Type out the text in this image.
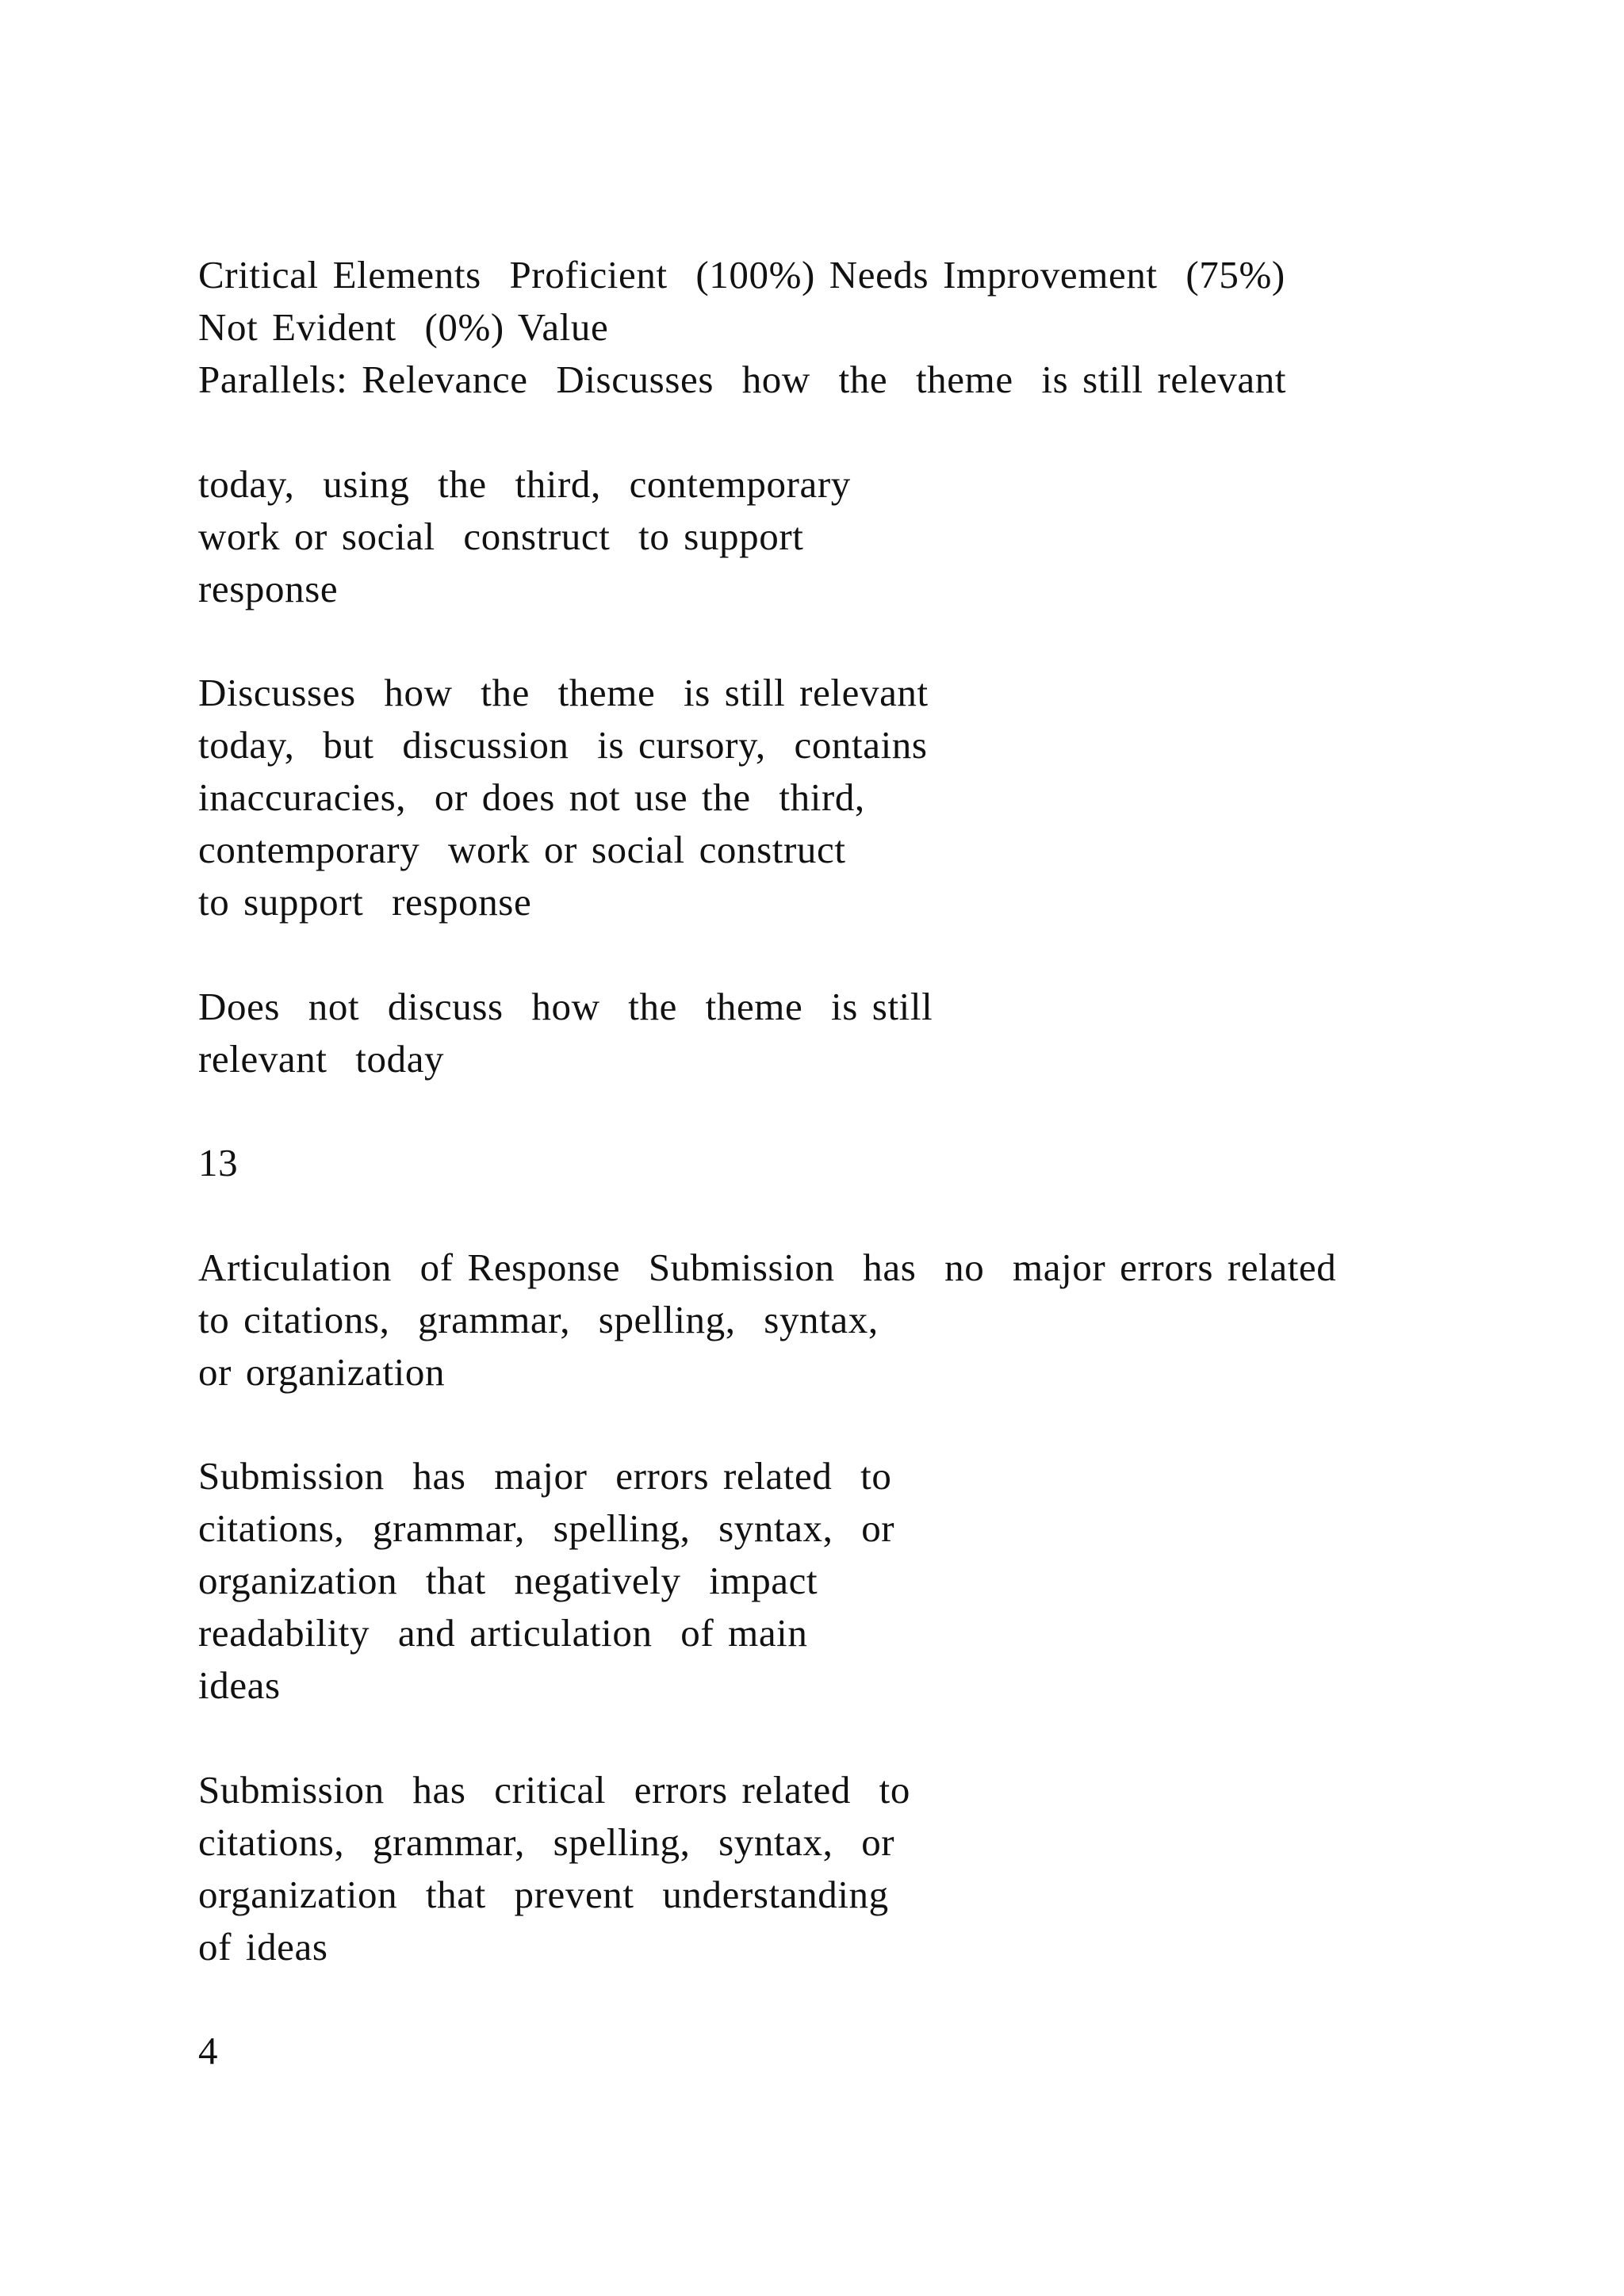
Critical Elements  Proficient  (100%) Needs Improvement  (75%)
Not Evident  (0%) Value
Parallels: Relevance  Discusses  how  the  theme  is still relevant
today,  using  the  third,  contemporary
work or social  construct  to support
response
Discusses  how  the  theme  is still relevant
today,  but  discussion  is cursory,  contains
inaccuracies,  or does not use the  third,
contemporary  work or social construct
to support  response
Does  not  discuss  how  the  theme  is still
relevant  today
13
Articulation  of Response  Submission  has  no  major errors related
to citations,  grammar,  spelling,  syntax,
or organization
Submission  has  major  errors related  to
citations,  grammar,  spelling,  syntax,  or
organization  that  negatively  impact
readability  and articulation  of main
ideas
Submission  has  critical  errors related  to
citations,  grammar,  spelling,  syntax,  or
organization  that  prevent  understanding
of ideas
4
